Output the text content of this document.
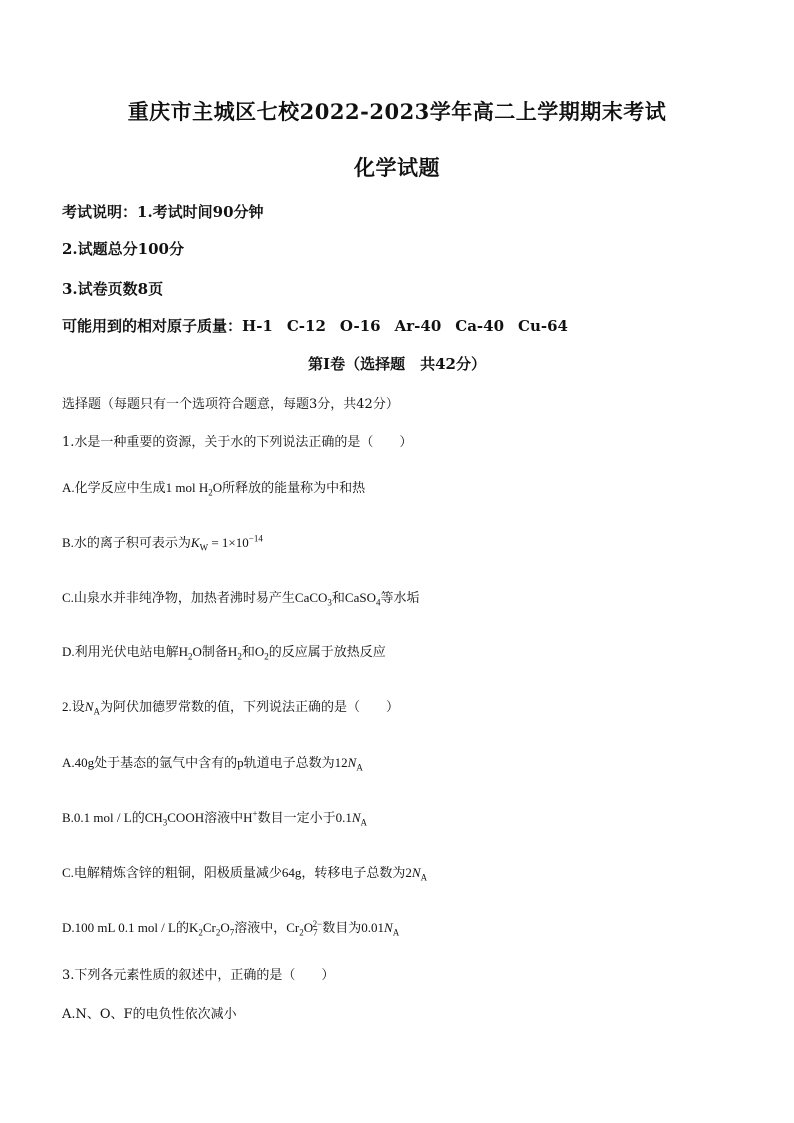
重庆市主城区七校2022-2023学年高二上学期期末考试
化学试题
考试说明：1.考试时间90分钟
2.试题总分100分
3.试卷页数8页
可能用到的相对原子质量：H-1 C-12 O-16 Ar-40 Ca-40 Cu-64
第Ⅰ卷（选择题　共42分）
选择题（每题只有一个选项符合题意，每题3分，共42分）
1.水是一种重要的资源，关于水的下列说法正确的是（　　）
A.化学反应中生成1 mol $H_2O$所释放的能量称为中和热
B.水的离子积可表示为$K_W = 1\times 10^{-14}$
C.山泉水并非纯净物，加热者沸时易产生CaCO$_3$和CaSO$_4$等水垢
D.利用光伏电站电解$H_2O$制备$H_2$和$O_2$的反应属于放热反应
2.设$N_A$为阿伏加德罗常数的值，下列说法正确的是（　　）
A.40g处于基态的氩气中含有的p轨道电子总数为$12N_A$
B.0.1 mol / L的$CH_3COOH$溶液中H+数目一定小于$0.1N_A$
C.电解精炼含锌的粗铜，阳极质量减少64g，转移电子总数为$2N_A$
D.100 mL 0.1 mol / L的$K_2Cr_2O_7$溶液中，$Cr_2O_7^{2-}$数目为$0.01N_A$
3.下列各元素性质的叙述中，正确的是（　　）
A.N、O、F的电负性依次减小
